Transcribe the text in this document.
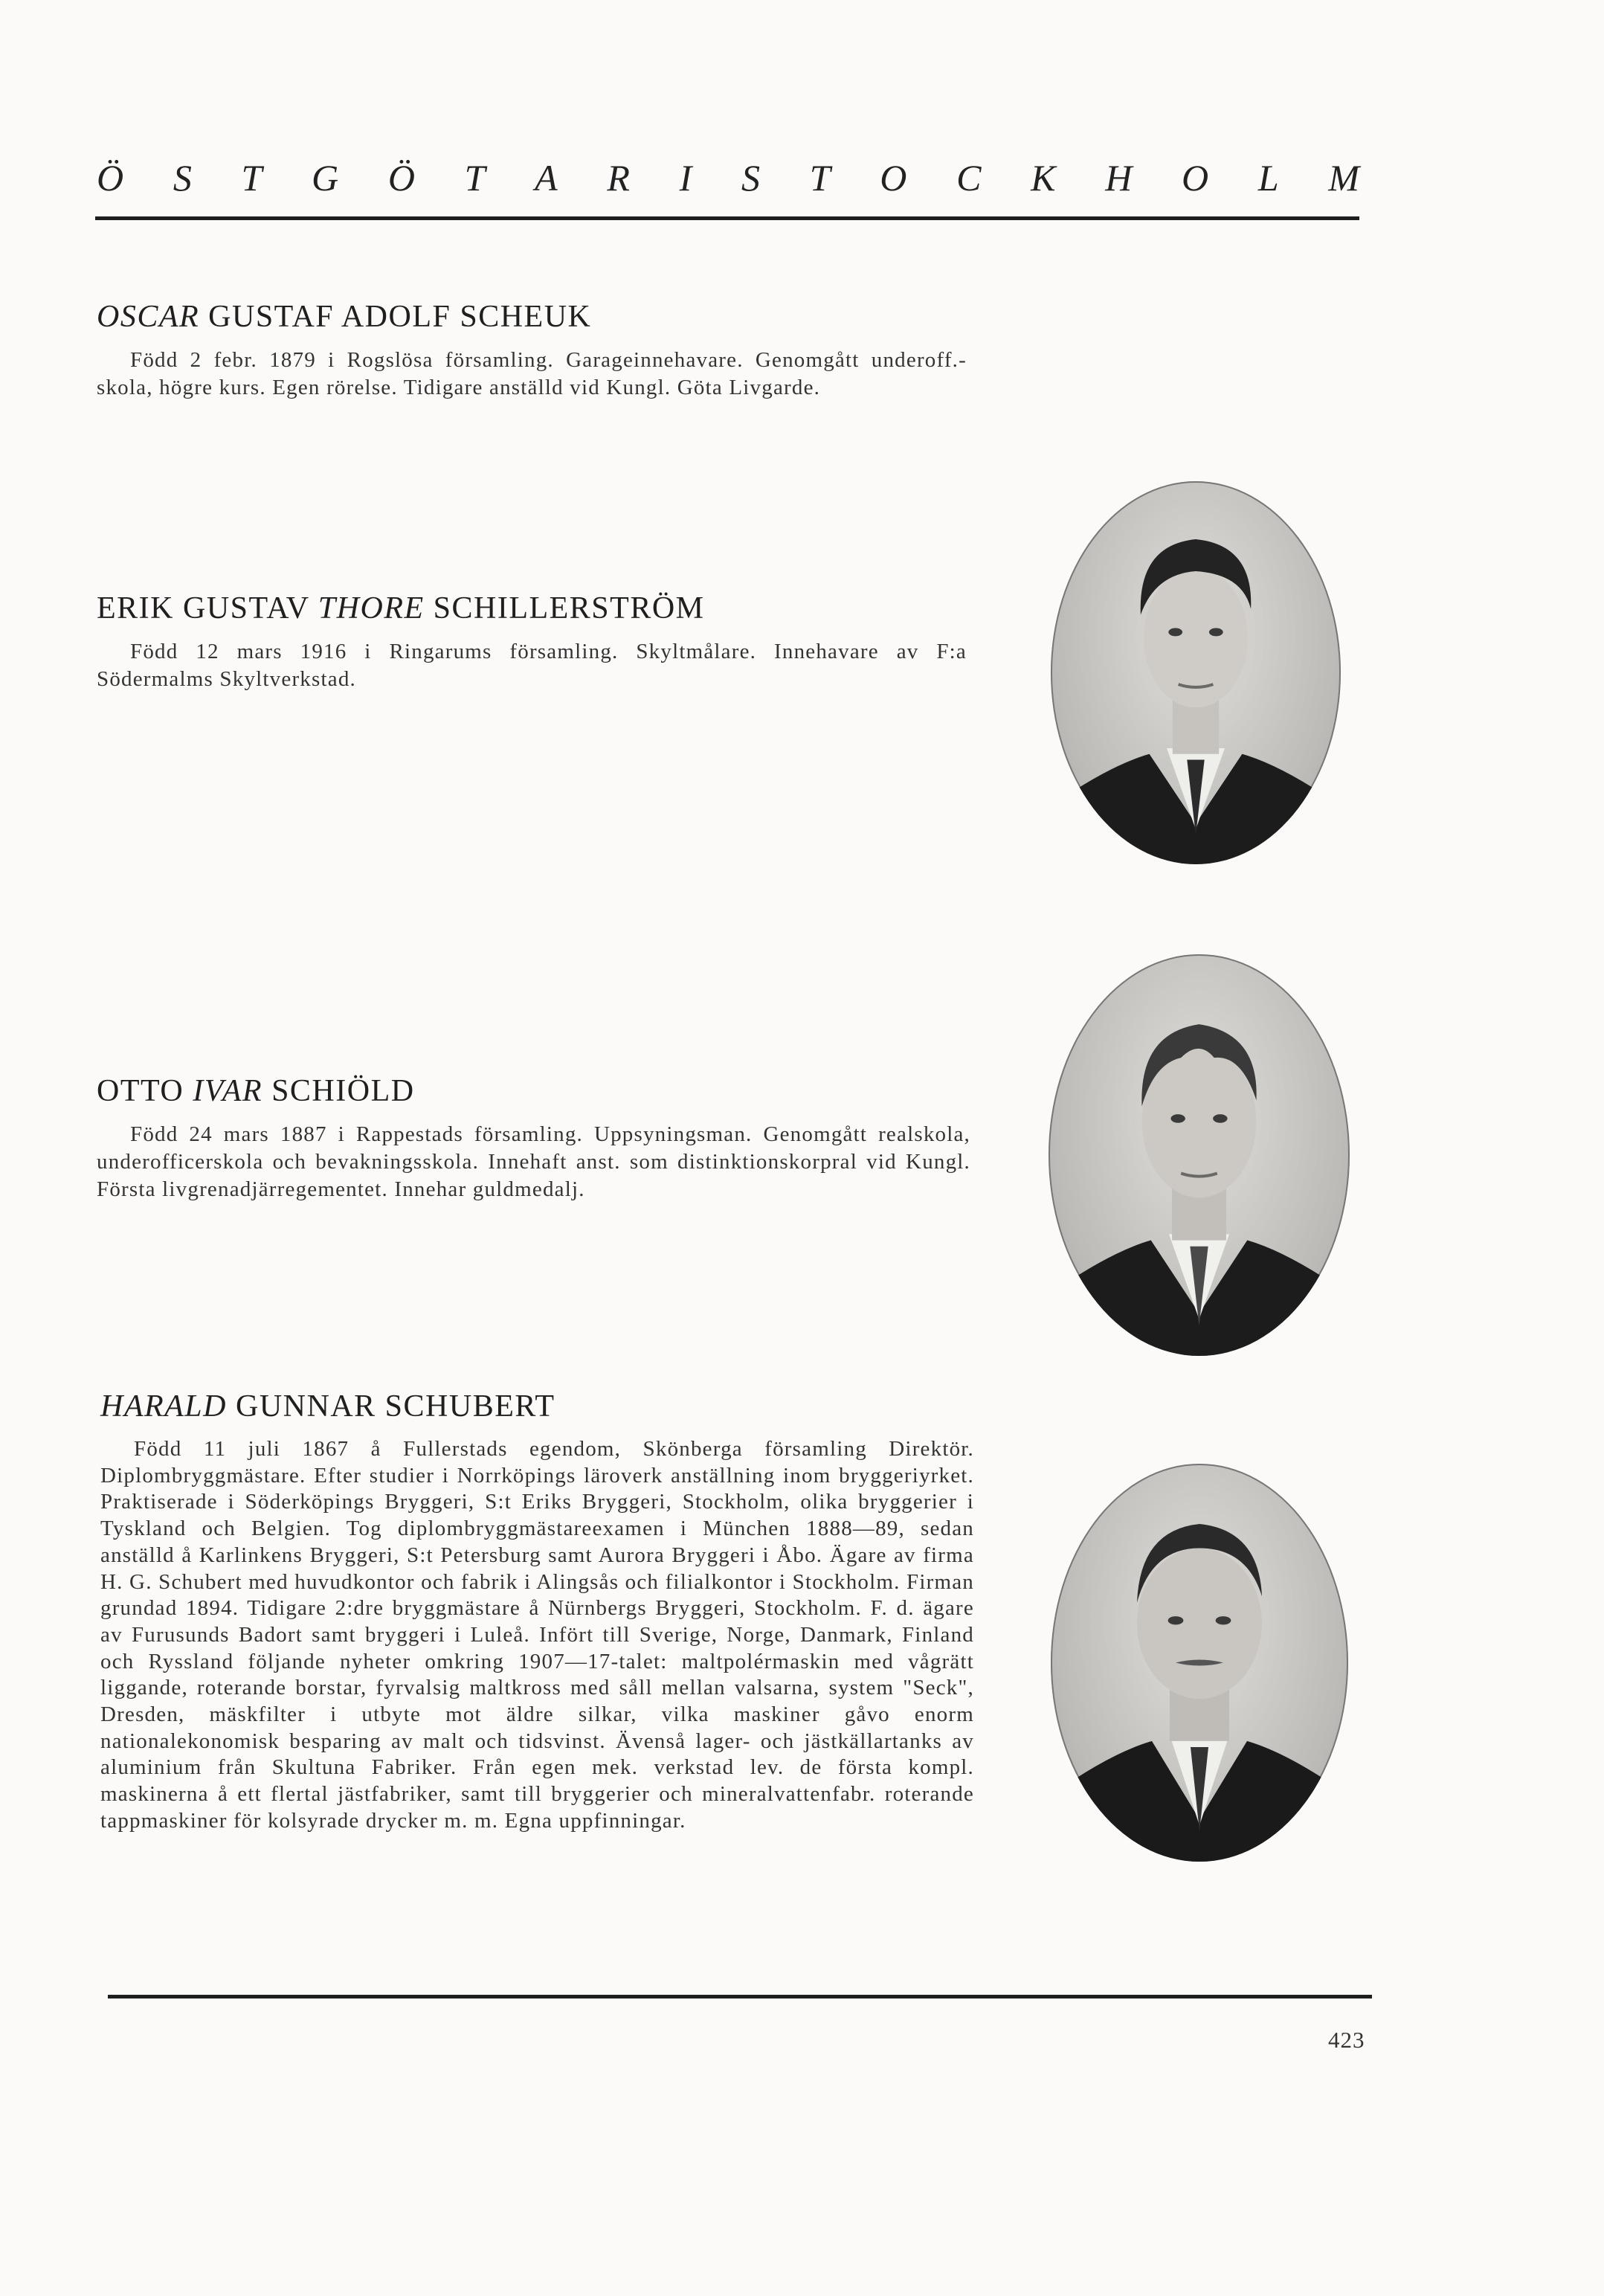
Ö S T G Ö T A R I S T O C K H O L M
OSCAR GUSTAF ADOLF SCHEUK

Född 2 febr. 1879 i Rogslösa församling. Garageinnehavare. Genomgått underoff.-skola, högre kurs. Egen rörelse. Tidigare anställd vid Kungl. Göta Livgarde.

ERIK GUSTAV THORE SCHILLERSTRÖM

Född 12 mars 1916 i Ringarums församling. Skyltmålare. Innehavare av F:a Södermalms Skyltverkstad.

OTTO IVAR SCHIÖLD

Född 24 mars 1887 i Rappestads församling. Uppsyningsman. Genomgått realskola, underofficerskola och bevakningsskola. Innehaft anst. som distinktionskorpral vid Kungl. Första livgrenadjärregementet. Innehar guldmedalj.

HARALD GUNNAR SCHUBERT

Född 11 juli 1867 å Fullerstads egendom, Skönberga församling Direktör. Diplombryggmästare. Efter studier i Norrköpings läroverk anställning inom bryggeriyrket. Praktiserade i Söderköpings Bryggeri, S:t Eriks Bryggeri, Stockholm, olika bryggerier i Tyskland och Belgien. Tog diplombryggmästareexamen i München 1888—89, sedan anställd å Karlinkens Bryggeri, S:t Petersburg samt Aurora Bryggeri i Åbo. Ägare av firma H. G. Schubert med huvudkontor och fabrik i Alingsås och filialkontor i Stockholm. Firman grundad 1894. Tidigare 2:dre bryggmästare å Nürnbergs Bryggeri, Stockholm. F. d. ägare av Furusunds Badort samt bryggeri i Luleå. Infört till Sverige, Norge, Danmark, Finland och Ryssland följande nyheter omkring 1907—17-talet: maltpolérmaskin med vågrätt liggande, roterande borstar, fyrvalsig maltkross med såll mellan valsarna, system "Seck", Dresden, mäskfilter i utbyte mot äldre silkar, vilka maskiner gåvo enorm nationalekonomisk besparing av malt och tidsvinst. Ävenså lager- och jästkällartanks av aluminium från Skultuna Fabriker. Från egen mek. verkstad lev. de första kompl. maskinerna å ett flertal jästfabriker, samt till bryggerier och mineralvattenfabr. roterande tappmaskiner för kolsyrade drycker m. m. Egna uppfinningar.

423
